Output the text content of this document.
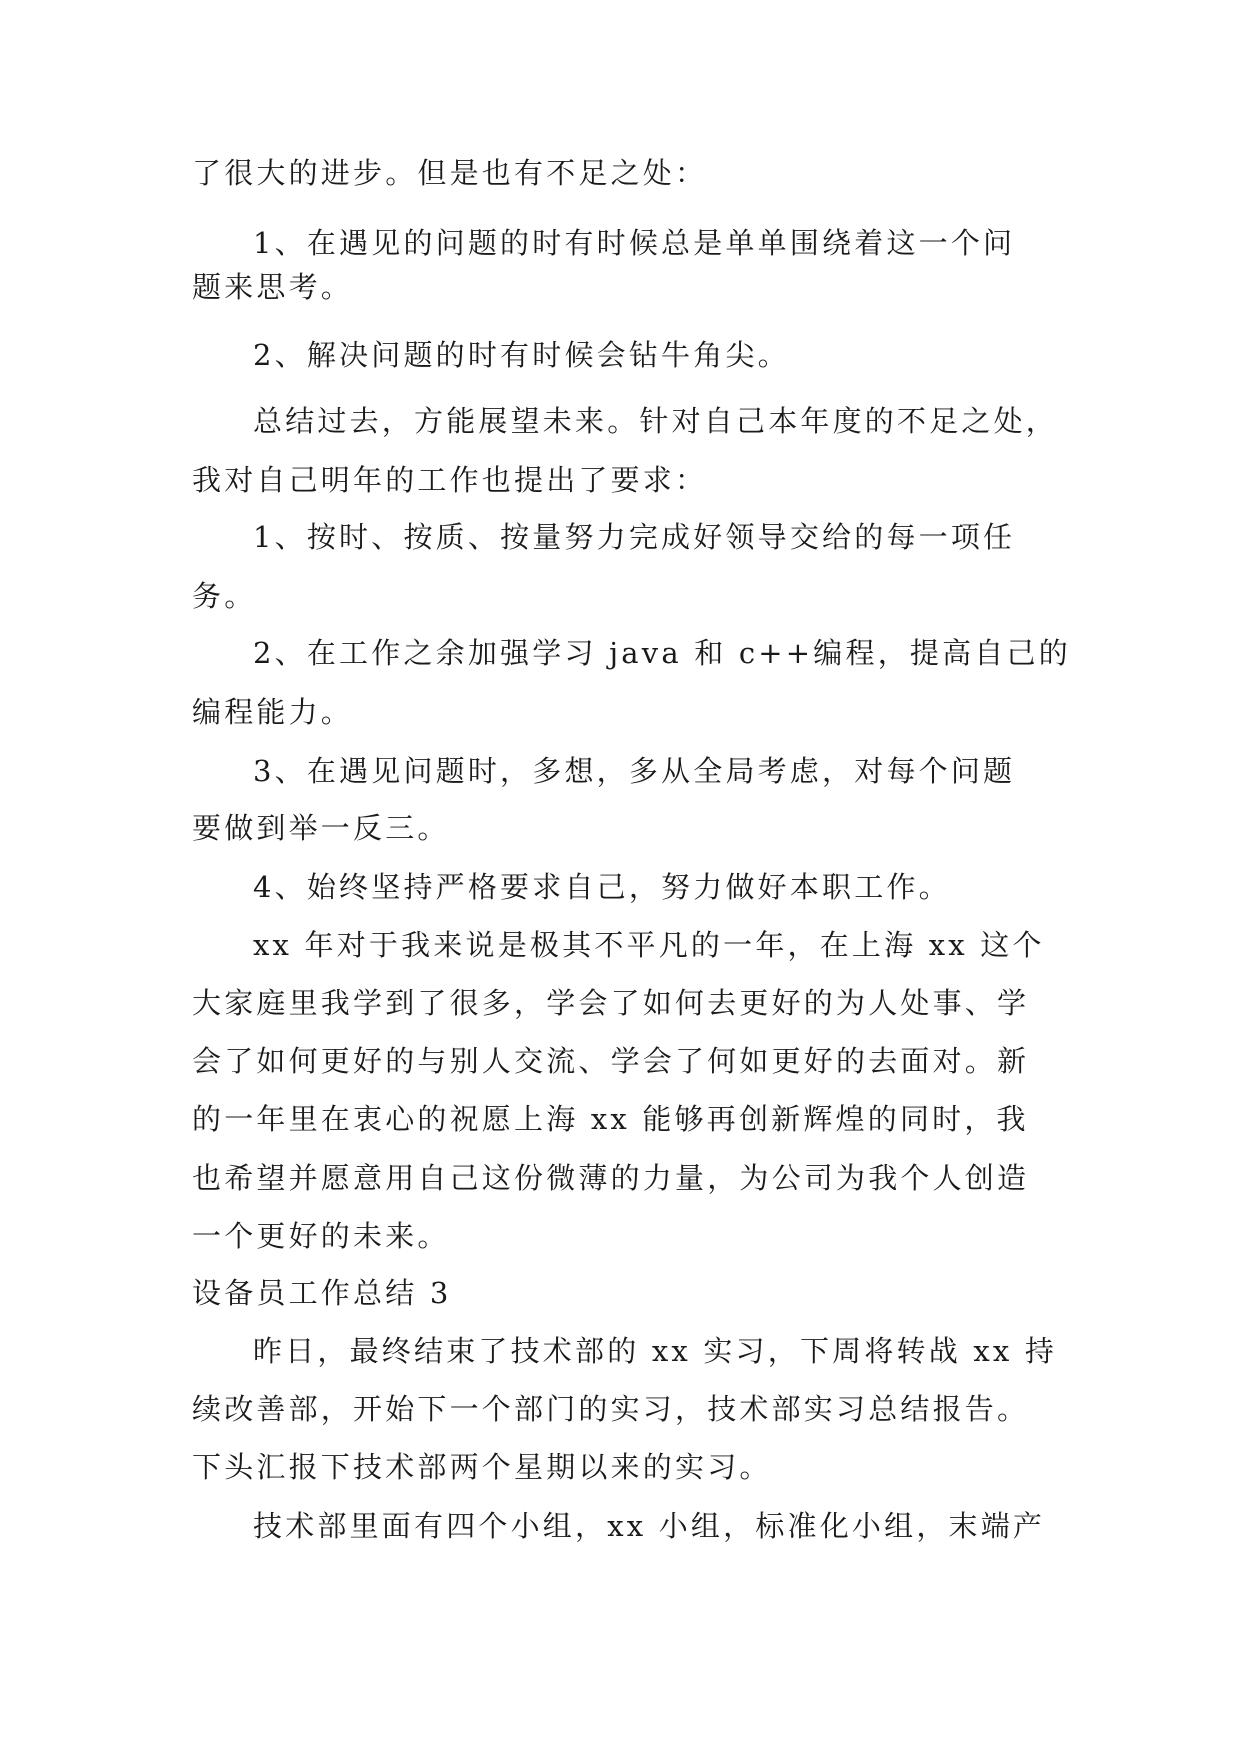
了很大的进步。但是也有不足之处：
1、在遇见的问题的时有时候总是单单围绕着这一个问
题来思考。
2、解决问题的时有时候会钻牛角尖。
总结过去，方能展望未来。针对自己本年度的不足之处，
我对自己明年的工作也提出了要求：
1、按时、按质、按量努力完成好领导交给的每一项任
务。
2、在工作之余加强学习 java 和 c++编程，提高自己的
编程能力。
3、在遇见问题时，多想，多从全局考虑，对每个问题
要做到举一反三。
4、始终坚持严格要求自己，努力做好本职工作。
xx 年对于我来说是极其不平凡的一年，在上海 xx 这个
大家庭里我学到了很多，学会了如何去更好的为人处事、学
会了如何更好的与别人交流、学会了何如更好的去面对。新
的一年里在衷心的祝愿上海 xx 能够再创新辉煌的同时，我
也希望并愿意用自己这份微薄的力量，为公司为我个人创造
一个更好的未来。
设备员工作总结 3
昨日，最终结束了技术部的 xx 实习，下周将转战 xx 持
续改善部，开始下一个部门的实习，技术部实习总结报告。
下头汇报下技术部两个星期以来的实习。
技术部里面有四个小组，xx 小组，标准化小组，末端产
